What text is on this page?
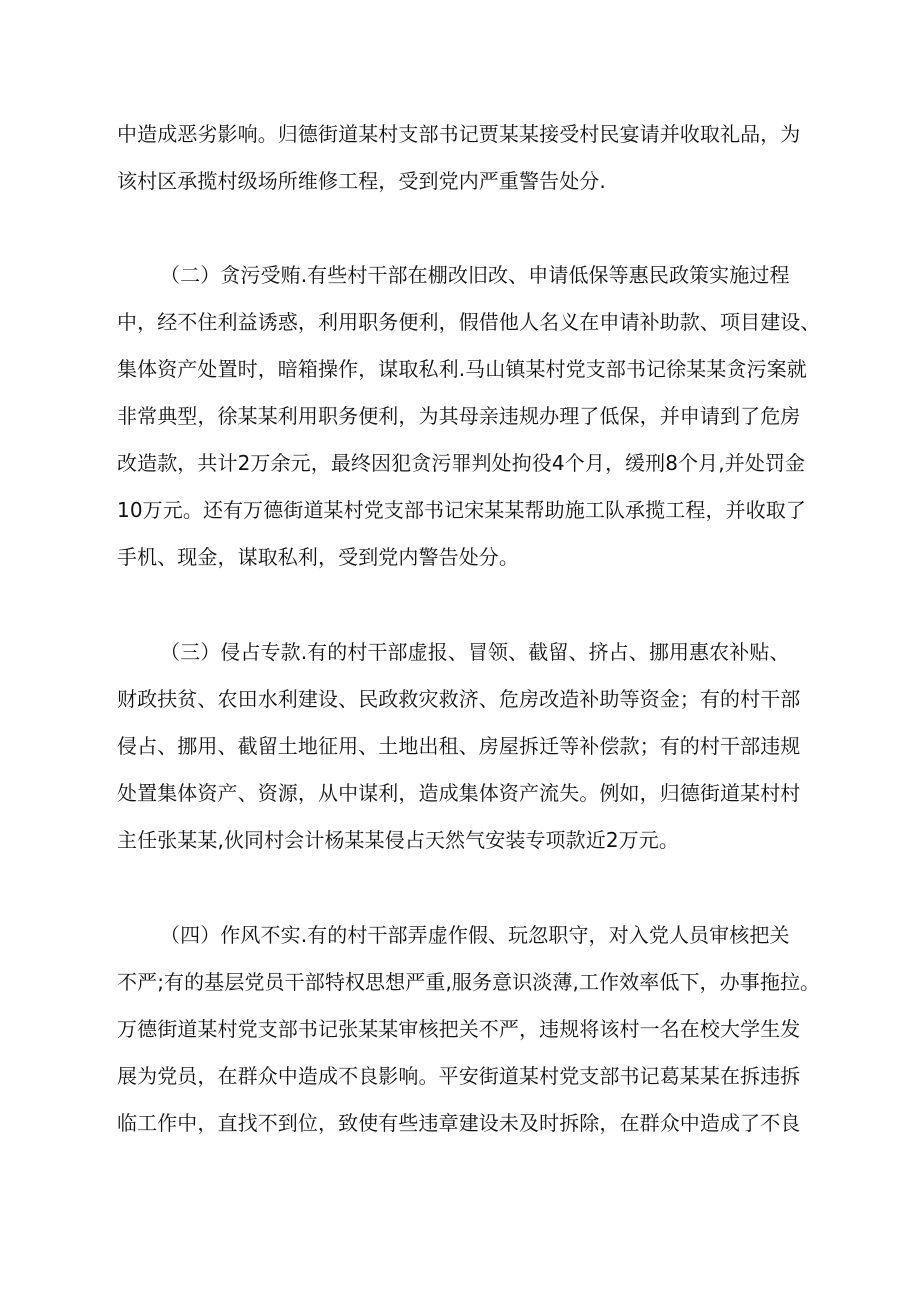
中造成恶劣影响。归德街道某村支部书记贾某某接受村民宴请并收取礼品，为
该村区承揽村级场所维修工程，受到党内严重警告处分.
（二）贪污受贿.有些村干部在棚改旧改、申请低保等惠民政策实施过程
中，经不住利益诱惑，利用职务便利，假借他人名义在申请补助款、项目建设、
集体资产处置时，暗箱操作，谋取私利.马山镇某村党支部书记徐某某贪污案就
非常典型，徐某某利用职务便利，为其母亲违规办理了低保，并申请到了危房
改造款，共计2万余元，最终因犯贪污罪判处拘役4个月，缓刑8个月,并处罚金
10万元。还有万德街道某村党支部书记宋某某帮助施工队承揽工程，并收取了
手机、现金，谋取私利，受到党内警告处分。
（三）侵占专款.有的村干部虚报、冒领、截留、挤占、挪用惠农补贴、
财政扶贫、农田水利建设、民政救灾救济、危房改造补助等资金；有的村干部
侵占、挪用、截留土地征用、土地出租、房屋拆迁等补偿款；有的村干部违规
处置集体资产、资源，从中谋利，造成集体资产流失。例如，归德街道某村村
主任张某某,伙同村会计杨某某侵占天然气安装专项款近2万元。
（四）作风不实.有的村干部弄虚作假、玩忽职守，对入党人员审核把关
不严;有的基层党员干部特权思想严重,服务意识淡薄,工作效率低下，办事拖拉。
万德街道某村党支部书记张某某审核把关不严，违规将该村一名在校大学生发
展为党员，在群众中造成不良影响。平安街道某村党支部书记葛某某在拆违拆
临工作中，直找不到位，致使有些违章建设未及时拆除，在群众中造成了不良
